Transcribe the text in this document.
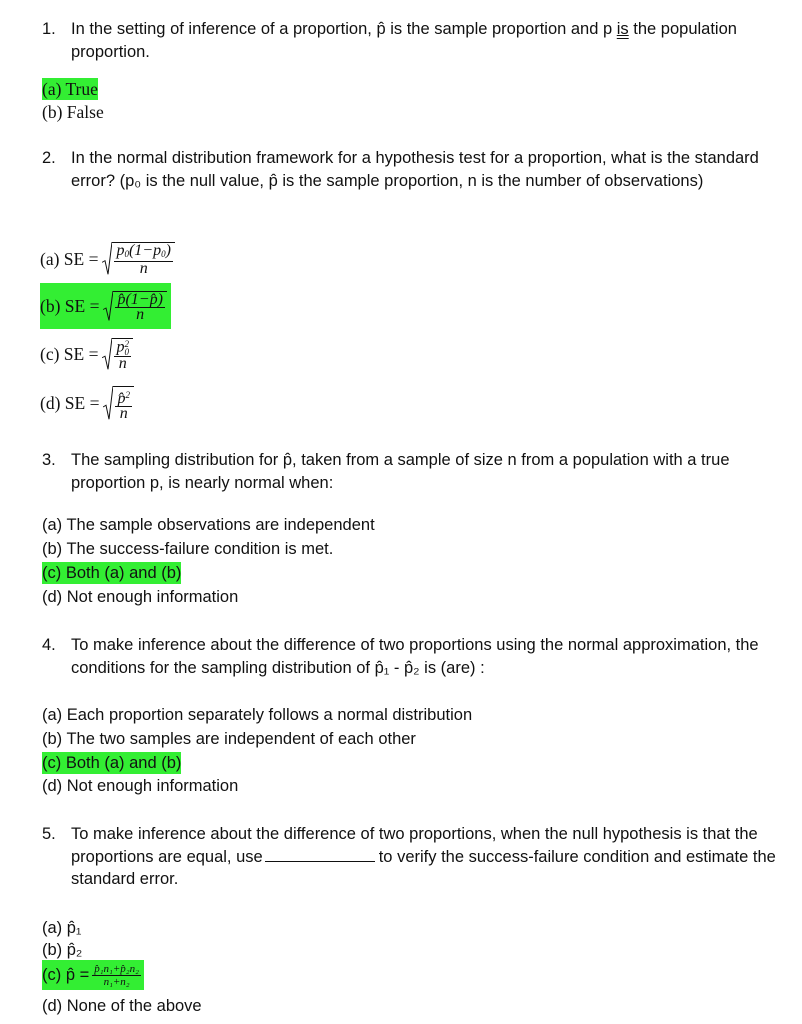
1. In the setting of inference of a proportion, p̂ is the sample proportion and p is the population proportion.
(a) True
(b) False
2. In the normal distribution framework for a hypothesis test for a proportion, what is the standard error? (p₀ is the null value, p̂ is the sample proportion, n is the number of observations)
(a) SE = $\frac{p_0(1-p_0)}{n}$
(b) SE = $\frac{p̂(1-p̂)}{n}$
(c) SE = p 2
0
n
(d) SE = $\frac{p̂^2}{n}$
3. The sampling distribution for p̂, taken from a sample of size n from a population with a true proportion p, is nearly normal when:
(a) The sample observations are independent
(b) The success-failure condition is met.
(c) Both (a) and (b)
(d) Not enough information
4. To make inference about the difference of two proportions using the normal approximation, the conditions for the sampling distribution of p̂₁ - p̂₂ is (are) :
(a) Each proportion separately follows a normal distribution
(b) The two samples are independent of each other
(c) Both (a) and (b)
(d) Not enough information
5. To make inference about the difference of two proportions, when the null hypothesis is that the proportions are equal, use	to verify the success-failure condition and estimate the standard error.
(a) p̂₁
(b) p̂₂
(c) p̂ = $\frac{\text{p̂₁n₁+p̂₂n₂}}{\text{n₁+n₂}}$
(d) None of the above
